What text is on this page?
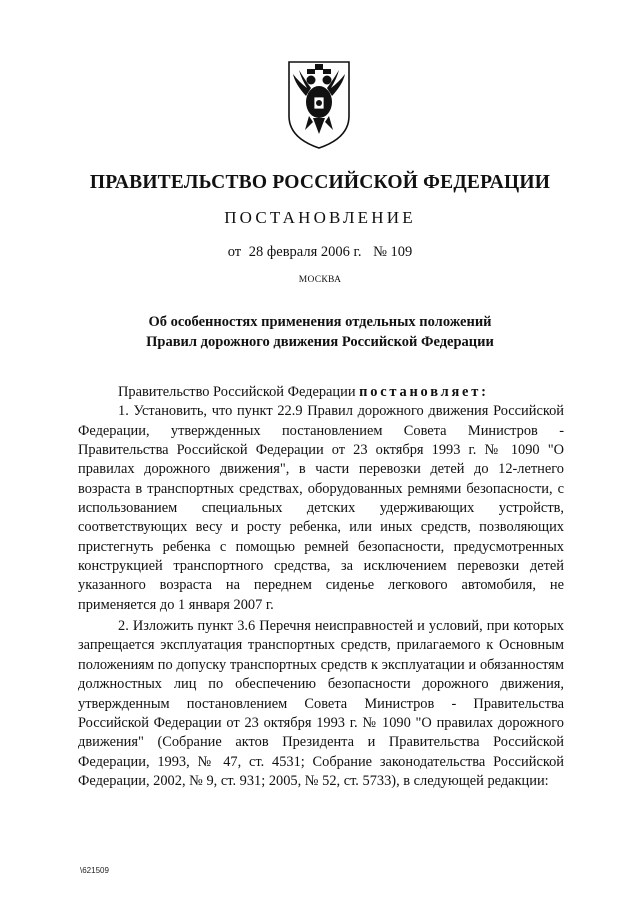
ПРАВИТЕЛЬСТВО РОССИЙСКОЙ ФЕДЕРАЦИИ
ПОСТАНОВЛЕНИЕ
от 28 февраля 2006 г. № 109
МОСКВА
Об особенностях применения отдельных положений
Правил дорожного движения Российской Федерации

Правительство Российской Федерации постановляет:

1. Установить, что пункт 22.9 Правил дорожного движения Российской Федерации, утвержденных постановлением Совета Министров - Правительства Российской Федерации от 23 октября 1993 г. № 1090 "О правилах дорожного движения", в части перевозки детей до 12-летнего возраста в транспортных средствах, оборудованных ремнями безопасности, с использованием специальных детских удерживающих устройств, соответствующих весу и росту ребенка, или иных средств, позволяющих пристегнуть ребенка с помощью ремней безопасности, предусмотренных конструкцией транспортного средства, за исключением перевозки детей указанного возраста на переднем сиденье легкового автомобиля, не применяется до 1 января 2007 г.

2. Изложить пункт 3.6 Перечня неисправностей и условий, при которых запрещается эксплуатация транспортных средств, прилагаемого к Основным положениям по допуску транспортных средств к эксплуатации и обязанностям должностных лиц по обеспечению безопасности дорожного движения, утвержденным постановлением Совета Министров - Правительства Российской Федерации от 23 октября 1993 г. № 1090 "О правилах дорожного движения" (Собрание актов Президента и Правительства Российской Федерации, 1993, № 47, ст. 4531; Собрание законодательства Российской Федерации, 2002, № 9, ст. 931; 2005, № 52, ст. 5733), в следующей редакции:

\621509
